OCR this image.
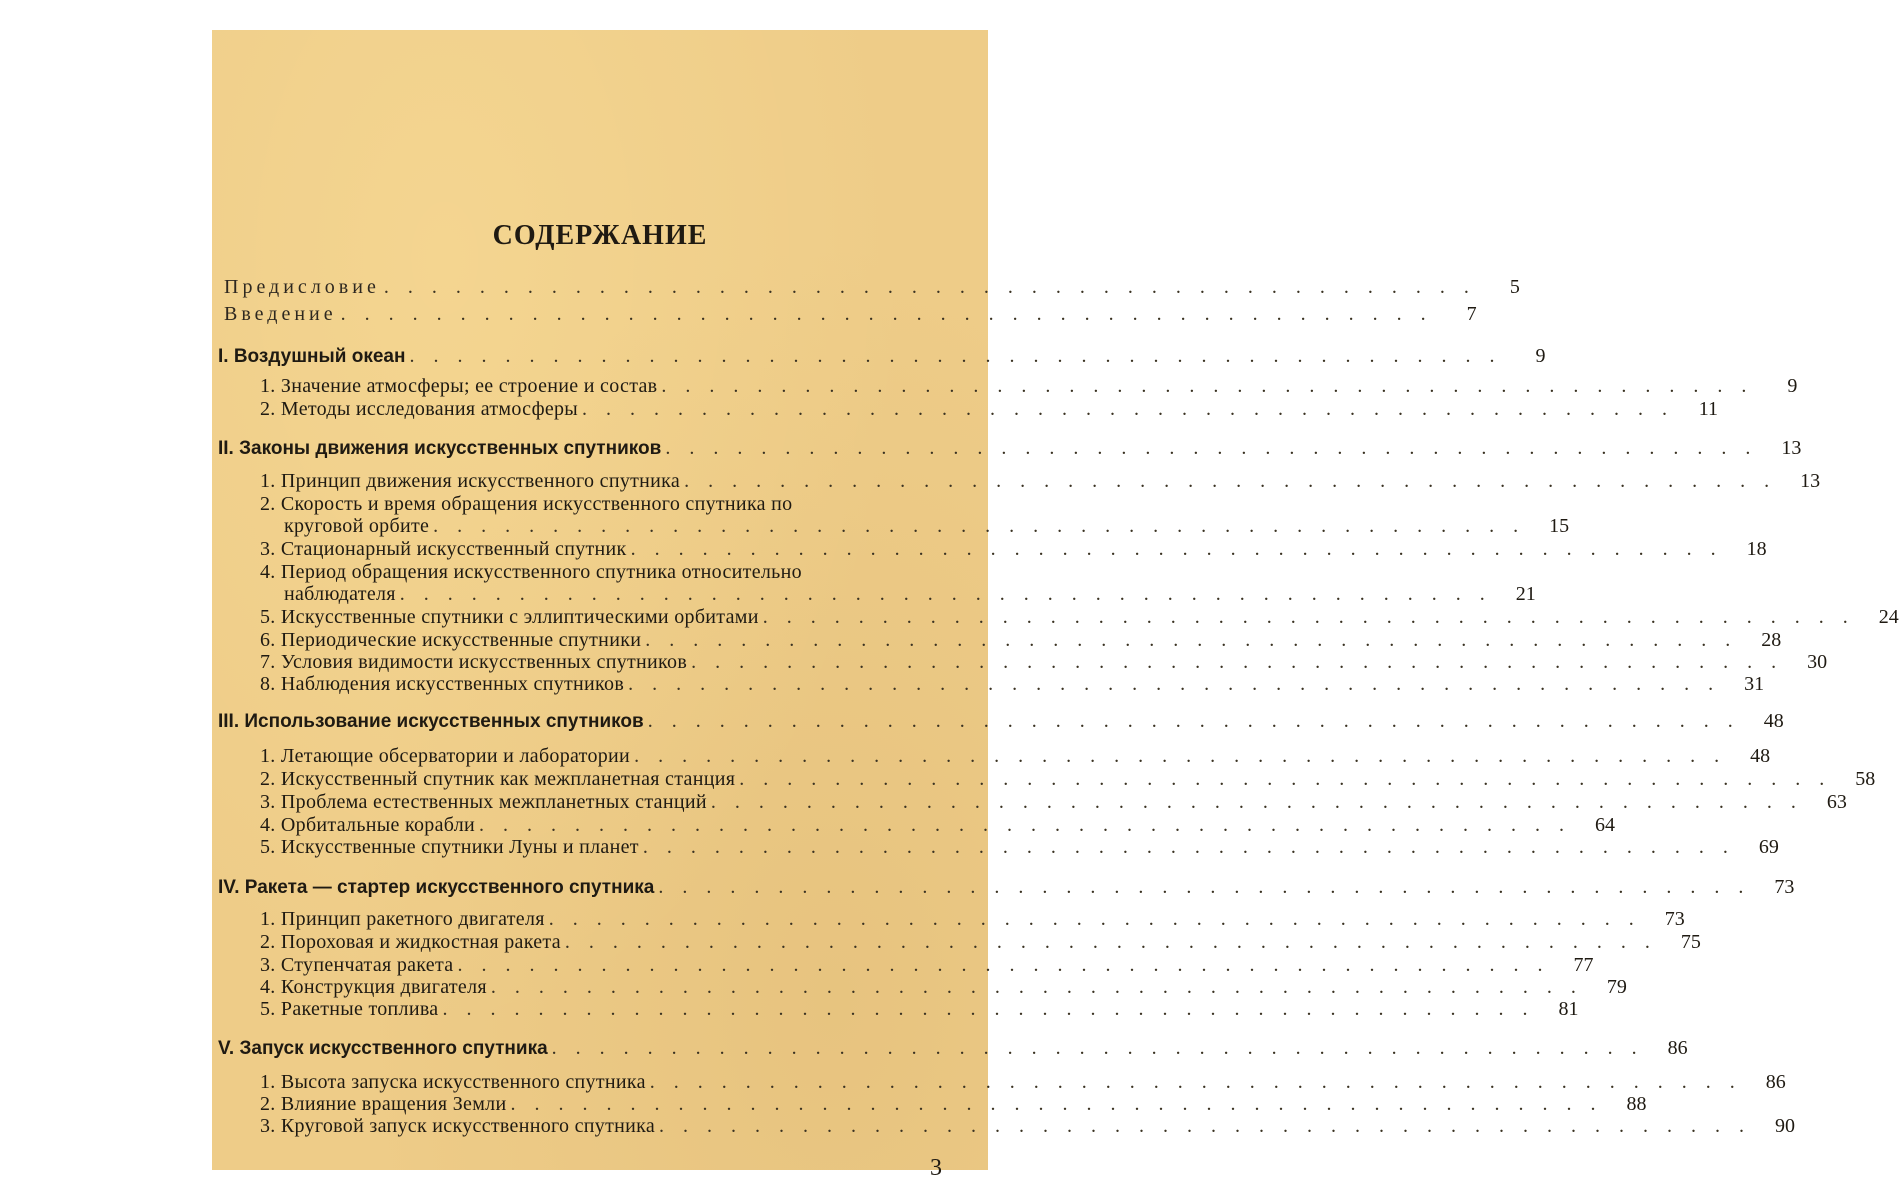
СОДЕРЖАНИЕ
Предисловие . . . . . . . . . . . . . . . . . . . . . . . . . . . . . . . . . . . . . . . . . . . . . .	5
Введение . . . . . . . . . . . . . . . . . . . . . . . . . . . . . . . . . . . . . . . . . . . . . .	7
I. Воздушный океан . . . . . . . . . . . . . . . . . . . . . . . . . . . . . . . . . . . . . . . . . . . . . .	9
1. Значение атмосферы; ее строение и состав . . . . . . . . . . . . . . . . . . . . . . . . . . . . . . . . . . . . . . . . . . . . . .	9
2. Методы исследования атмосферы . . . . . . . . . . . . . . . . . . . . . . . . . . . . . . . . . . . . . . . . . . . . . .	11
II. Законы движения искусственных спутников . . . . . . . . . . . . . . . . . . . . . . . . . . . . . . . . . . . . . . . . . . . . . .	13
1. Принцип движения искусственного спутника . . . . . . . . . . . . . . . . . . . . . . . . . . . . . . . . . . . . . . . . . . . . . .	13
2. Скорость и время обращения искусственного спутника по
круговой орбите . . . . . . . . . . . . . . . . . . . . . . . . . . . . . . . . . . . . . . . . . . . . . .	15
3. Стационарный искусственный спутник . . . . . . . . . . . . . . . . . . . . . . . . . . . . . . . . . . . . . . . . . . . . . .	18
4. Период обращения искусственного спутника относительно
наблюдателя . . . . . . . . . . . . . . . . . . . . . . . . . . . . . . . . . . . . . . . . . . . . . .	21
5. Искусственные спутники с эллиптическими орбитами . . . . . . . . . . . . . . . . . . . . . . . . . . . . . . . . . . . . . . . . . . . . . .	24
6. Периодические искусственные спутники . . . . . . . . . . . . . . . . . . . . . . . . . . . . . . . . . . . . . . . . . . . . . .	28
7. Условия видимости искусственных спутников . . . . . . . . . . . . . . . . . . . . . . . . . . . . . . . . . . . . . . . . . . . . . .	30
8. Наблюдения искусственных спутников . . . . . . . . . . . . . . . . . . . . . . . . . . . . . . . . . . . . . . . . . . . . . .	31
III. Использование искусственных спутников . . . . . . . . . . . . . . . . . . . . . . . . . . . . . . . . . . . . . . . . . . . . . .	48
1. Летающие обсерватории и лаборатории . . . . . . . . . . . . . . . . . . . . . . . . . . . . . . . . . . . . . . . . . . . . . .	48
2. Искусственный спутник как межпланетная станция . . . . . . . . . . . . . . . . . . . . . . . . . . . . . . . . . . . . . . . . . . . . . .	58
3. Проблема естественных межпланетных станций . . . . . . . . . . . . . . . . . . . . . . . . . . . . . . . . . . . . . . . . . . . . . .	63
4. Орбитальные корабли . . . . . . . . . . . . . . . . . . . . . . . . . . . . . . . . . . . . . . . . . . . . . .	64
5. Искусственные спутники Луны и планет . . . . . . . . . . . . . . . . . . . . . . . . . . . . . . . . . . . . . . . . . . . . . .	69
IV. Ракета — стартер искусственного спутника . . . . . . . . . . . . . . . . . . . . . . . . . . . . . . . . . . . . . . . . . . . . . .	73
1. Принцип ракетного двигателя . . . . . . . . . . . . . . . . . . . . . . . . . . . . . . . . . . . . . . . . . . . . . .	73
2. Пороховая и жидкостная ракета . . . . . . . . . . . . . . . . . . . . . . . . . . . . . . . . . . . . . . . . . . . . . .	75
3. Ступенчатая ракета . . . . . . . . . . . . . . . . . . . . . . . . . . . . . . . . . . . . . . . . . . . . . .	77
4. Конструкция двигателя . . . . . . . . . . . . . . . . . . . . . . . . . . . . . . . . . . . . . . . . . . . . . .	79
5. Ракетные топлива . . . . . . . . . . . . . . . . . . . . . . . . . . . . . . . . . . . . . . . . . . . . . .	81
V. Запуск искусственного спутника . . . . . . . . . . . . . . . . . . . . . . . . . . . . . . . . . . . . . . . . . . . . . .	86
1. Высота запуска искусственного спутника . . . . . . . . . . . . . . . . . . . . . . . . . . . . . . . . . . . . . . . . . . . . . .	86
2. Влияние вращения Земли . . . . . . . . . . . . . . . . . . . . . . . . . . . . . . . . . . . . . . . . . . . . . .	88
3. Круговой запуск искусственного спутника . . . . . . . . . . . . . . . . . . . . . . . . . . . . . . . . . . . . . . . . . . . . . .	90
3
